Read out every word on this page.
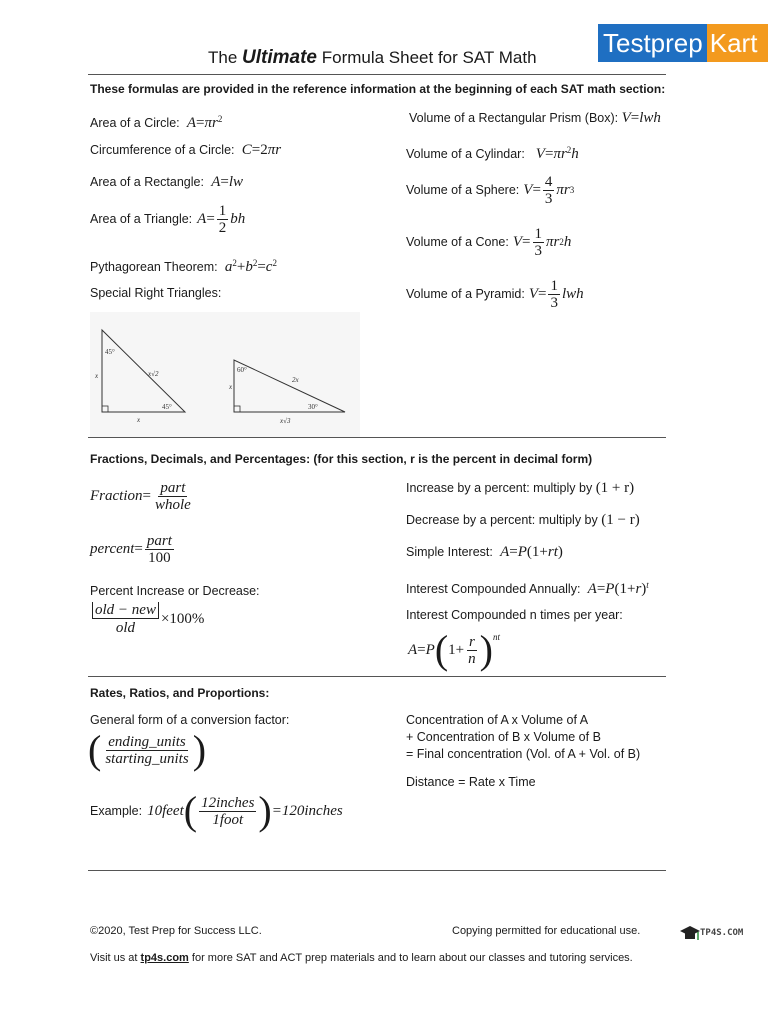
The Ultimate Formula Sheet for SAT Math	Testprep Kart
These formulas are provided in the reference information at the beginning of each SAT math section:
Area of a Circle:  $A=\pi r^2$
Circumference of a Circle:  C=2πr
Area of a Rectangle:  A=lw
Area of a Triangle: $A = \frac{1}{2}$ bh
Pythagorean Theorem:  $a^2+b^2=c^2$
Special Right Triangles:
45°
45°
x
x
x√2	60°
30°
x
x√3
2x
Volume of a Rectangular Prism (Box): V=lwh
Volume of a Cylindar:   $V=\pi r^2h$
Volume of a Sphere: $V = \frac{4}{3}$ πr 3
Volume of a Cone: $V = \frac{1}{3}$ πr 2 h
Volume of a Pyramid: $V = \frac{1}{3}$ lwh
Fractions, Decimals, and Percentages: (for this section, r is the percent in decimal form)
Fraction = $\frac{\text{part}}{\text{whole}}$
percent = $\frac{\text{part}}{100}$
Percent Increase or Decrease:
$\frac{\text{old − new}}{\text{old}} \times 100\%$
Increase by a percent: multiply by (1 + r)
Decrease by a percent: multiply by (1 − r)
Simple Interest:  A=P(1+rt)
Interest Compounded Annually:  $A=P(1+r)^t$
Interest Compounded n times per year:
A = P ( $1+ \frac{r}{n}$ ) nt
Rates, Ratios, and Proportions:
General form of a conversion factor:
( $\frac{\text{ending\_units}}{\text{starting\_units}}$ )
Example: 10feet ( $\frac{\text{12inches}}{\text{1foot}}$ ) =120inches
Concentration of A x Volume of A
+ Concentration of B x Volume of B
= Final concentration (Vol. of A + Vol. of B)
Distance = Rate x Time
©2020, Test Prep for Success LLC.	Copying permitted for educational use.
Visit us at tp4s.com for more SAT and ACT prep materials and to learn about our classes and tutoring services.
TP4S.COM
